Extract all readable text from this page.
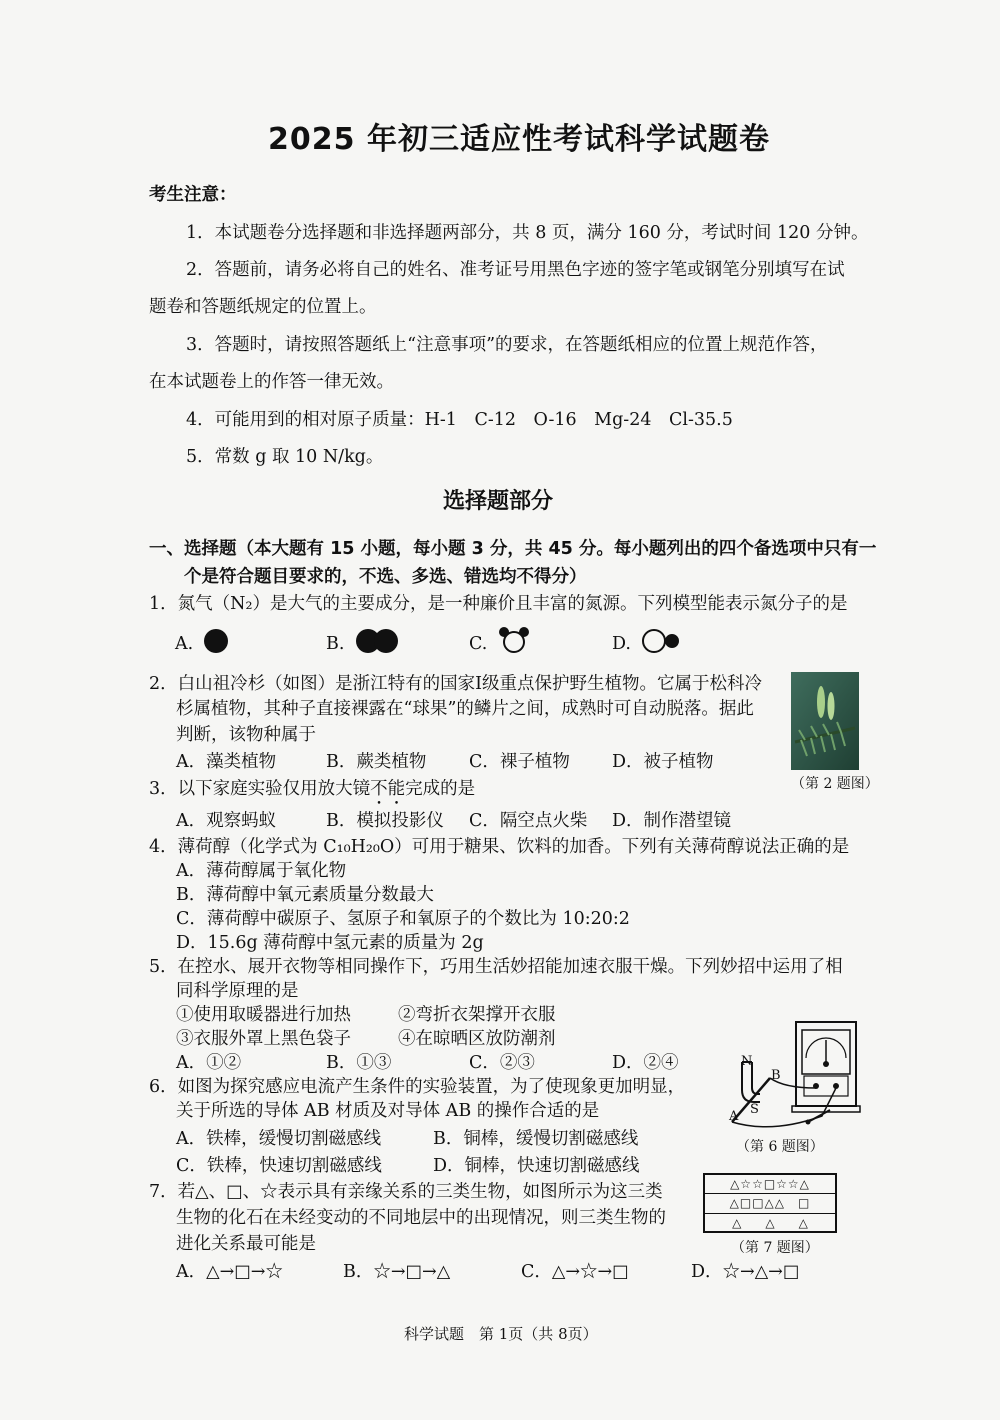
2025 年初三适应性考试科学试题卷
考生注意：
1．本试题卷分选择题和非选择题两部分，共 8 页，满分 160 分，考试时间 120 分钟。
2．答题前，请务必将自己的姓名、准考证号用黑色字迹的签字笔或钢笔分别填写在试
题卷和答题纸规定的位置上。
3．答题时，请按照答题纸上“注意事项”的要求，在答题纸相应的位置上规范作答，
在本试题卷上的作答一律无效。
4．可能用到的相对原子质量：H-1　C-12　O-16　Mg-24　Cl-35.5
5．常数 g 取 10 N/kg。
选择题部分
一、选择题（本大题有 15 小题，每小题 3 分，共 45 分。每小题列出的四个备选项中只有一
个是符合题目要求的，不选、多选、错选均不得分）
1．氮气（N₂）是大气的主要成分，是一种廉价且丰富的氮源。下列模型能表示氮分子的是
A.	B.	C.	D.
2．白山祖冷杉（如图）是浙江特有的国家Ⅰ级重点保护野生植物。它属于松科冷
杉属植物，其种子直接裸露在“球果”的鳞片之间，成熟时可自动脱落。据此
判断，该物种属于
A．藻类植物	B．蕨类植物 C．裸子植物 D．被子植物
（第 2 题图）
3．以下家庭实验仅用放大镜不能完成的是
A．观察蚂蚁	B．模拟投影仪 C．隔空点火柴 D．制作潜望镜
4．薄荷醇（化学式为 C₁₀H₂₀O）可用于糖果、饮料的加香。下列有关薄荷醇说法正确的是
A．薄荷醇属于氧化物
B．薄荷醇中氧元素质量分数最大
C．薄荷醇中碳原子、氢原子和氧原子的个数比为 10:20:2
D．15.6g 薄荷醇中氢元素的质量为 2g
5．在控水、展开衣物等相同操作下，巧用生活妙招能加速衣服干燥。下列妙招中运用了相
同科学原理的是
①使用取暖器进行加热	②弯折衣架撑开衣服
③衣服外罩上黑色袋子	④在晾晒区放防潮剂
A．①②	B．①③	C．②③	D．②④	N
B
A S
（第 6 题图）
6．如图为探究感应电流产生条件的实验装置，为了使现象更加明显，
关于所选的导体 AB 材质及对导体 AB 的操作合适的是
A．铁棒，缓慢切割磁感线	B．铜棒，缓慢切割磁感线
C．铁棒，快速切割磁感线	D．铜棒，快速切割磁感线
7．若△、□、☆表示具有亲缘关系的三类生物，如图所示为这三类
生物的化石在未经变动的不同地层中的出现情况，则三类生物的
进化关系最可能是
A．△→□→☆	B．☆→□→△	C．△→☆→□	D．☆→△→□
△☆☆□☆☆△
△□□△△　□
△　　△　　△
（第 7 题图）
科学试题　第 1页（共 8页）
